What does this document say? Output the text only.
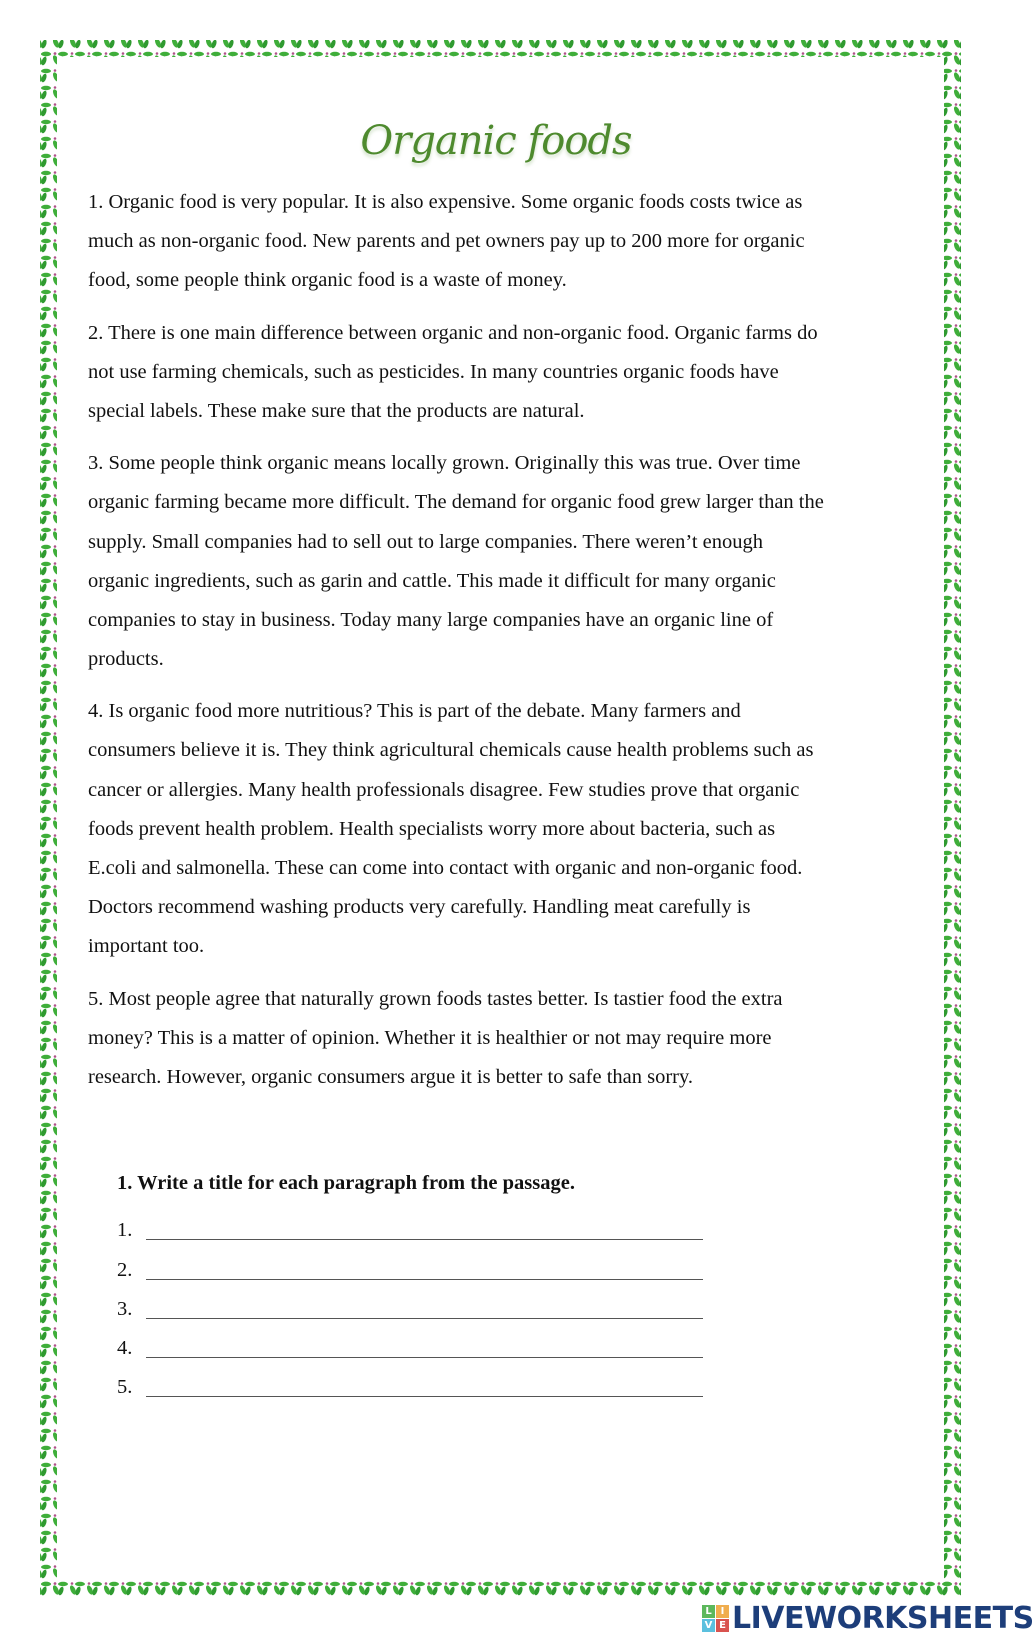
Organic foods
1. Organic food is very popular. It is also expensive. Some organic foods costs twice as
much as non-organic food. New parents and pet owners pay up to 200 more for organic
food, some people think organic food is a waste of money.
2. There is one main difference between organic and non-organic food. Organic farms do
not use farming chemicals, such as pesticides. In many countries organic foods have
special labels. These make sure that the products are natural.
3. Some people think organic means locally grown. Originally this was true. Over time
organic farming became more difficult. The demand for organic food grew larger than the
supply. Small companies had to sell out to large companies. There weren’t enough
organic ingredients, such as garin and cattle. This made it difficult for many organic
companies to stay in business. Today many large companies have an organic line of
products.
4. Is organic food more nutritious? This is part of the debate. Many farmers and
consumers believe it is. They think agricultural chemicals cause health problems such as
cancer or allergies. Many health professionals disagree. Few studies prove that organic
foods prevent health problem. Health specialists worry more about bacteria, such as
E.coli and salmonella. These can come into contact with organic and non-organic food.
Doctors recommend washing products very carefully. Handling meat carefully is
important too.
5. Most people agree that naturally grown foods tastes better. Is tastier food the extra
money? This is a matter of opinion. Whether it is healthier or not may require more
research. However, organic consumers argue it is better to safe than sorry.
1. Write a title for each paragraph from the passage.
1.
2.
3.
4.
5.
L I
V E LIVEWORKSHEETS
